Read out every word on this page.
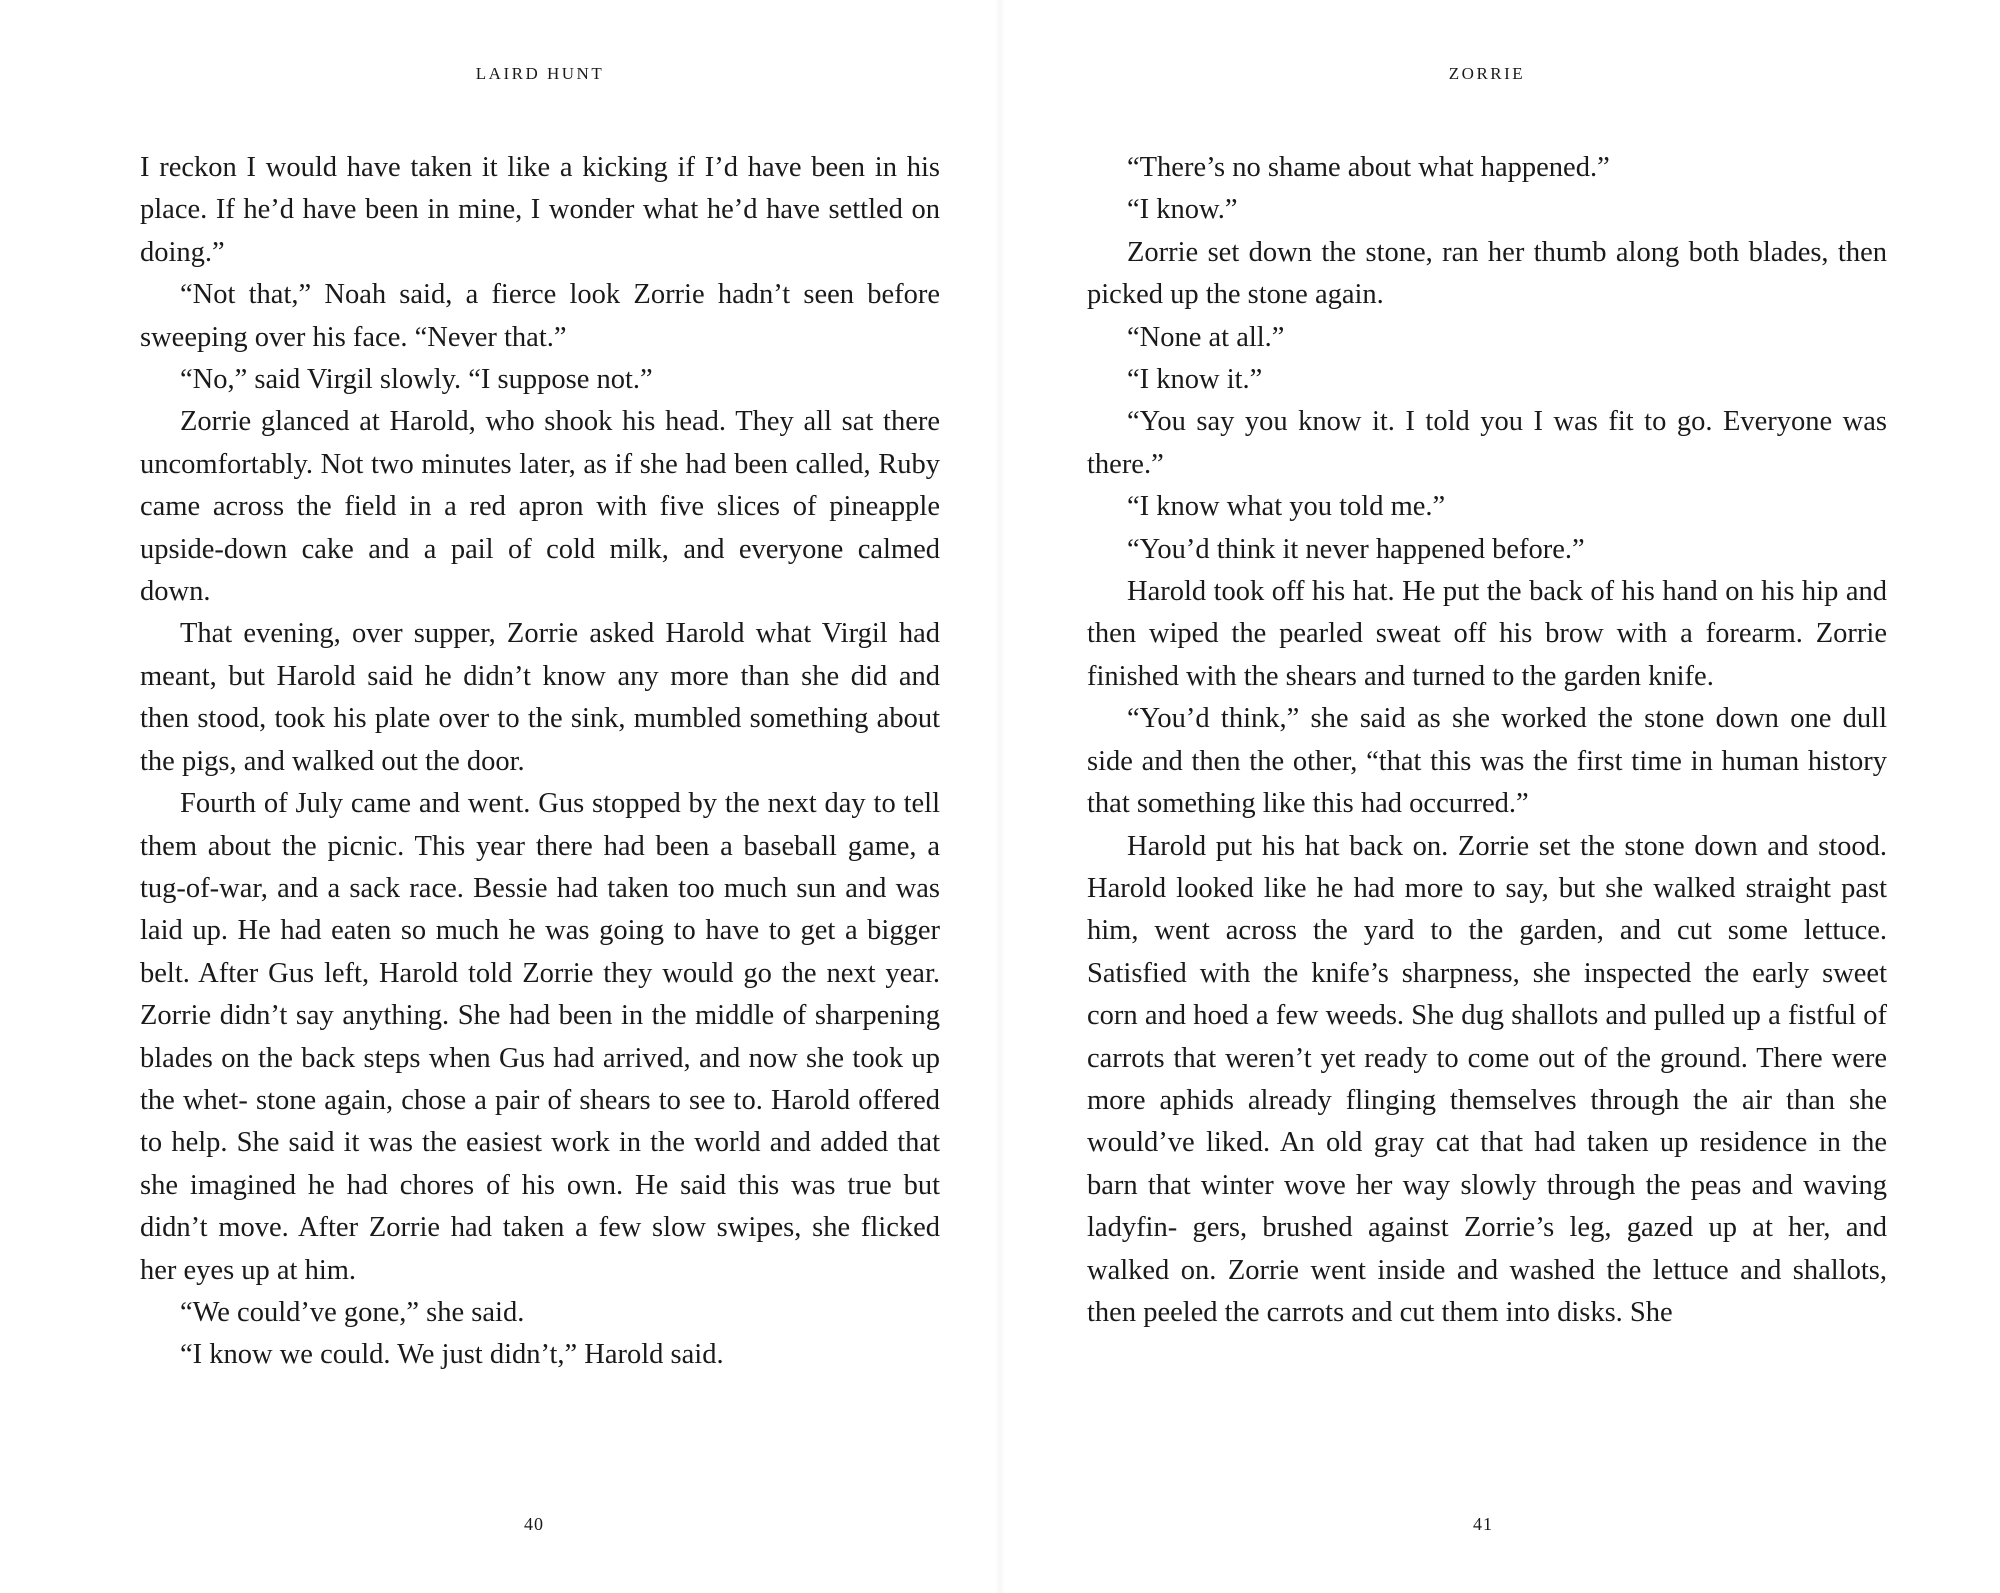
LAIRD HUNT

I reckon I would have taken it like a kicking if I’d have been in his place. If he’d have been in mine, I wonder what he’d have settled on doing.”

“Not that,” Noah said, a fierce look Zorrie hadn’t seen before sweeping over his face. “Never that.”

“No,” said Virgil slowly. “I suppose not.”

Zorrie glanced at Harold, who shook his head. They all sat there uncomfortably. Not two minutes later, as if she had been called, Ruby came across the field in a red apron with five slices of pineapple upside-down cake and a pail of cold milk, and everyone calmed down.

That evening, over supper, Zorrie asked Harold what Virgil had meant, but Harold said he didn’t know any more than she did and then stood, took his plate over to the sink, mumbled something about the pigs, and walked out the door.

Fourth of July came and went. Gus stopped by the next day to tell them about the picnic. This year there had been a baseball game, a tug-of-war, and a sack race. Bessie had taken too much sun and was laid up. He had eaten so much he was going to have to get a bigger belt. After Gus left, Harold told Zorrie they would go the next year. Zorrie didn’t say anything. She had been in the middle of sharpening blades on the back steps when Gus had arrived, and now she took up the whet- stone again, chose a pair of shears to see to. Harold offered to help. She said it was the easiest work in the world and added that she imagined he had chores of his own. He said this was true but didn’t move. After Zorrie had taken a few slow swipes, she flicked her eyes up at him.

“We could’ve gone,” she said.

“I know we could. We just didn’t,” Harold said.

40
ZORRIE

“There’s no shame about what happened.”

“I know.”

Zorrie set down the stone, ran her thumb along both blades, then picked up the stone again.

“None at all.”

“I know it.”

“You say you know it. I told you I was fit to go. Everyone was there.”

“I know what you told me.”

“You’d think it never happened before.”

Harold took off his hat. He put the back of his hand on his hip and then wiped the pearled sweat off his brow with a forearm. Zorrie finished with the shears and turned to the garden knife.

“You’d think,” she said as she worked the stone down one dull side and then the other, “that this was the first time in human history that something like this had occurred.”

Harold put his hat back on. Zorrie set the stone down and stood. Harold looked like he had more to say, but she walked straight past him, went across the yard to the garden, and cut some lettuce. Satisfied with the knife’s sharpness, she inspected the early sweet corn and hoed a few weeds. She dug shallots and pulled up a fistful of carrots that weren’t yet ready to come out of the ground. There were more aphids already flinging themselves through the air than she would’ve liked. An old gray cat that had taken up residence in the barn that winter wove her way slowly through the peas and waving ladyfin- gers, brushed against Zorrie’s leg, gazed up at her, and walked on. Zorrie went inside and washed the lettuce and shallots, then peeled the carrots and cut them into disks. She

41
